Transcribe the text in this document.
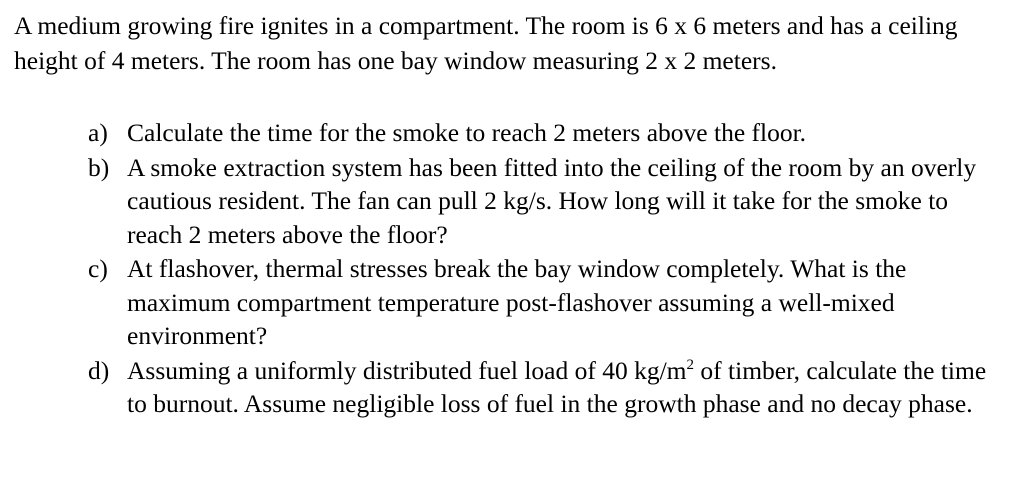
A medium growing fire ignites in a compartment. The room is 6 x 6 meters and has a ceiling height of 4 meters. The room has one bay window measuring 2 x 2 meters.

a) Calculate the time for the smoke to reach 2 meters above the floor.
b) A smoke extraction system has been fitted into the ceiling of the room by an overly cautious resident. The fan can pull 2 kg/s. How long will it take for the smoke to reach 2 meters above the floor?
c) At flashover, thermal stresses break the bay window completely. What is the maximum compartment temperature post-flashover assuming a well-mixed environment?
d) Assuming a uniformly distributed fuel load of 40 $kg/m^2$ of timber, calculate the time to burnout. Assume negligible loss of fuel in the growth phase and no decay phase.
